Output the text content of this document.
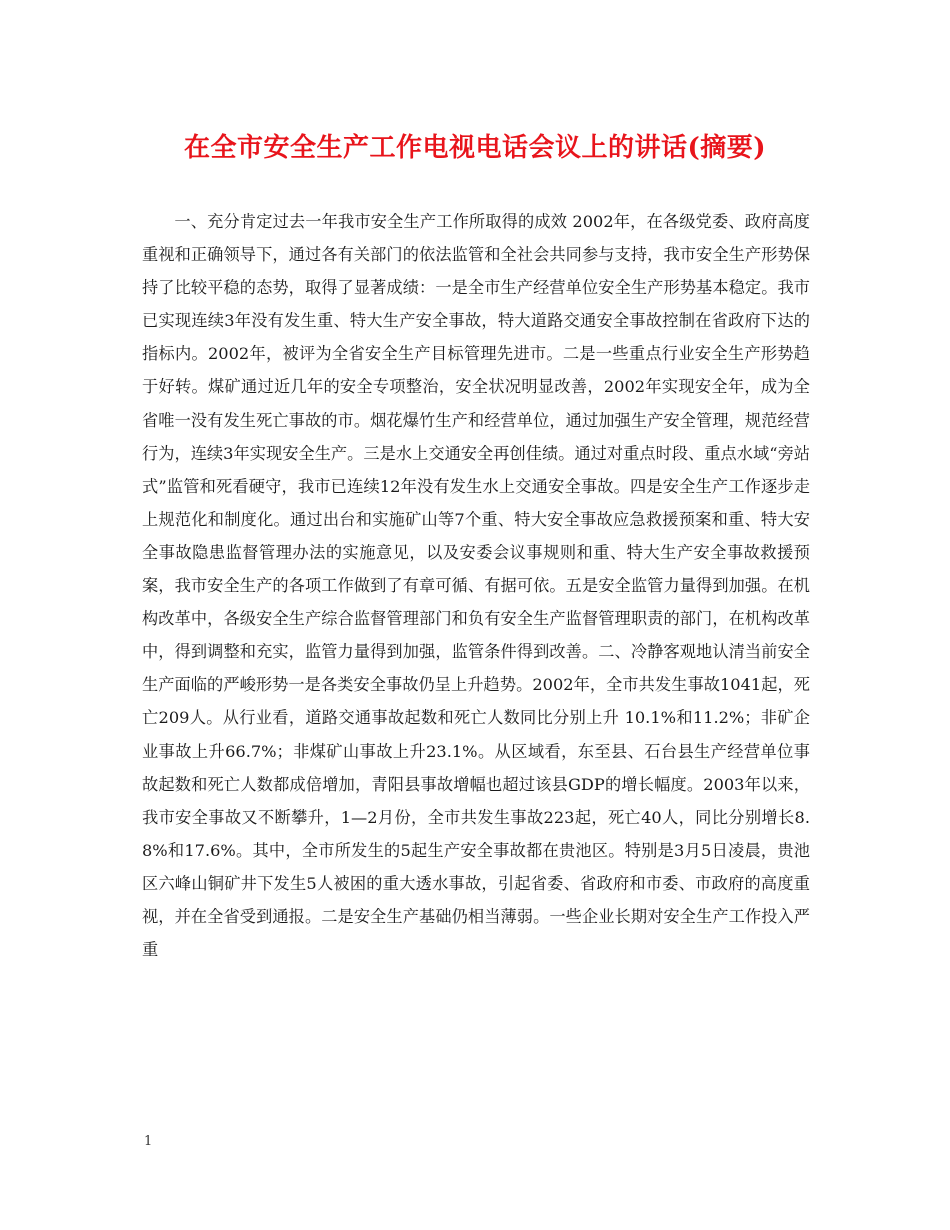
在全市安全生产工作电视电话会议上的讲话(摘要)

一、充分肯定过去一年我市安全生产工作所取得的成效 2002年，在各级党委、政府高度重视和正确领导下，通过各有关部门的依法监管和全社会共同参与支持，我市安全生产形势保持了比较平稳的态势，取得了显著成绩：一是全市生产经营单位安全生产形势基本稳定。我市已实现连续3年没有发生重、特大生产安全事故，特大道路交通安全事故控制在省政府下达的指标内。2002年，被评为全省安全生产目标管理先进市。二是一些重点行业安全生产形势趋于好转。煤矿通过近几年的安全专项整治，安全状况明显改善，2002年实现安全年，成为全省唯一没有发生死亡事故的市。烟花爆竹生产和经营单位，通过加强生产安全管理，规范经营行为，连续3年实现安全生产。三是水上交通安全再创佳绩。通过对重点时段、重点水域“旁站式”监管和死看硬守，我市已连续12年没有发生水上交通安全事故。四是安全生产工作逐步走上规范化和制度化。通过出台和实施矿山等7个重、特大安全事故应急救援预案和重、特大安全事故隐患监督管理办法的实施意见，以及安委会议事规则和重、特大生产安全事故救援预案，我市安全生产的各项工作做到了有章可循、有据可依。五是安全监管力量得到加强。在机构改革中，各级安全生产综合监督管理部门和负有安全生产监督管理职责的部门，在机构改革中，得到调整和充实，监管力量得到加强，监管条件得到改善。二、冷静客观地认清当前安全生产面临的严峻形势一是各类安全事故仍呈上升趋势。2002年，全市共发生事故1041起，死亡209人。从行业看，道路交通事故起数和死亡人数同比分别上升 10.1%和11.2%；非矿企业事故上升66.7%；非煤矿山事故上升23.1%。从区域看，东至县、石台县生产经营单位事故起数和死亡人数都成倍增加，青阳县事故增幅也超过该县GDP的增长幅度。2003年以来，我市安全事故又不断攀升，1—2月份，全市共发生事故223起，死亡40人，同比分别增长8.8%和17.6%。其中，全市所发生的5起生产安全事故都在贵池区。特别是3月5日凌晨，贵池区六峰山铜矿井下发生5人被困的重大透水事故，引起省委、省政府和市委、市政府的高度重视，并在全省受到通报。二是安全生产基础仍相当薄弱。一些企业长期对安全生产工作投入严重

1
